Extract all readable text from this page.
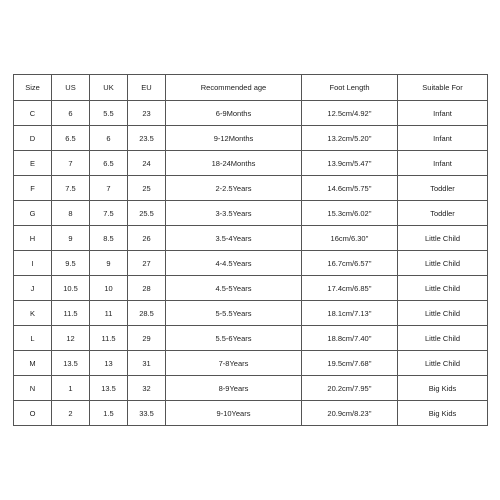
Size	US	UK	EU	Recommended age	Foot Length	Suitable For
C	6	5.5	23	6-9Months	12.5cm/4.92''	Infant
D	6.5	6	23.5	9-12Months	13.2cm/5.20''	Infant
E	7	6.5	24	18-24Months	13.9cm/5.47''	Infant
F	7.5	7	25	2-2.5Years	14.6cm/5.75''	Toddler
G	8	7.5	25.5	3-3.5Years	15.3cm/6.02''	Toddler
H	9	8.5	26	3.5-4Years	16cm/6.30''	Little Child
I	9.5	9	27	4-4.5Years	16.7cm/6.57''	Little Child
J	10.5	10	28	4.5-5Years	17.4cm/6.85''	Little Child
K	11.5	11	28.5	5-5.5Years	18.1cm/7.13''	Little Child
L	12	11.5	29	5.5-6Years	18.8cm/7.40''	Little Child
M	13.5	13	31	7-8Years	19.5cm/7.68''	Little Child
N	1	13.5	32	8-9Years	20.2cm/7.95''	Big Kids
O	2	1.5	33.5	9-10Years	20.9cm/8.23''	Big Kids
